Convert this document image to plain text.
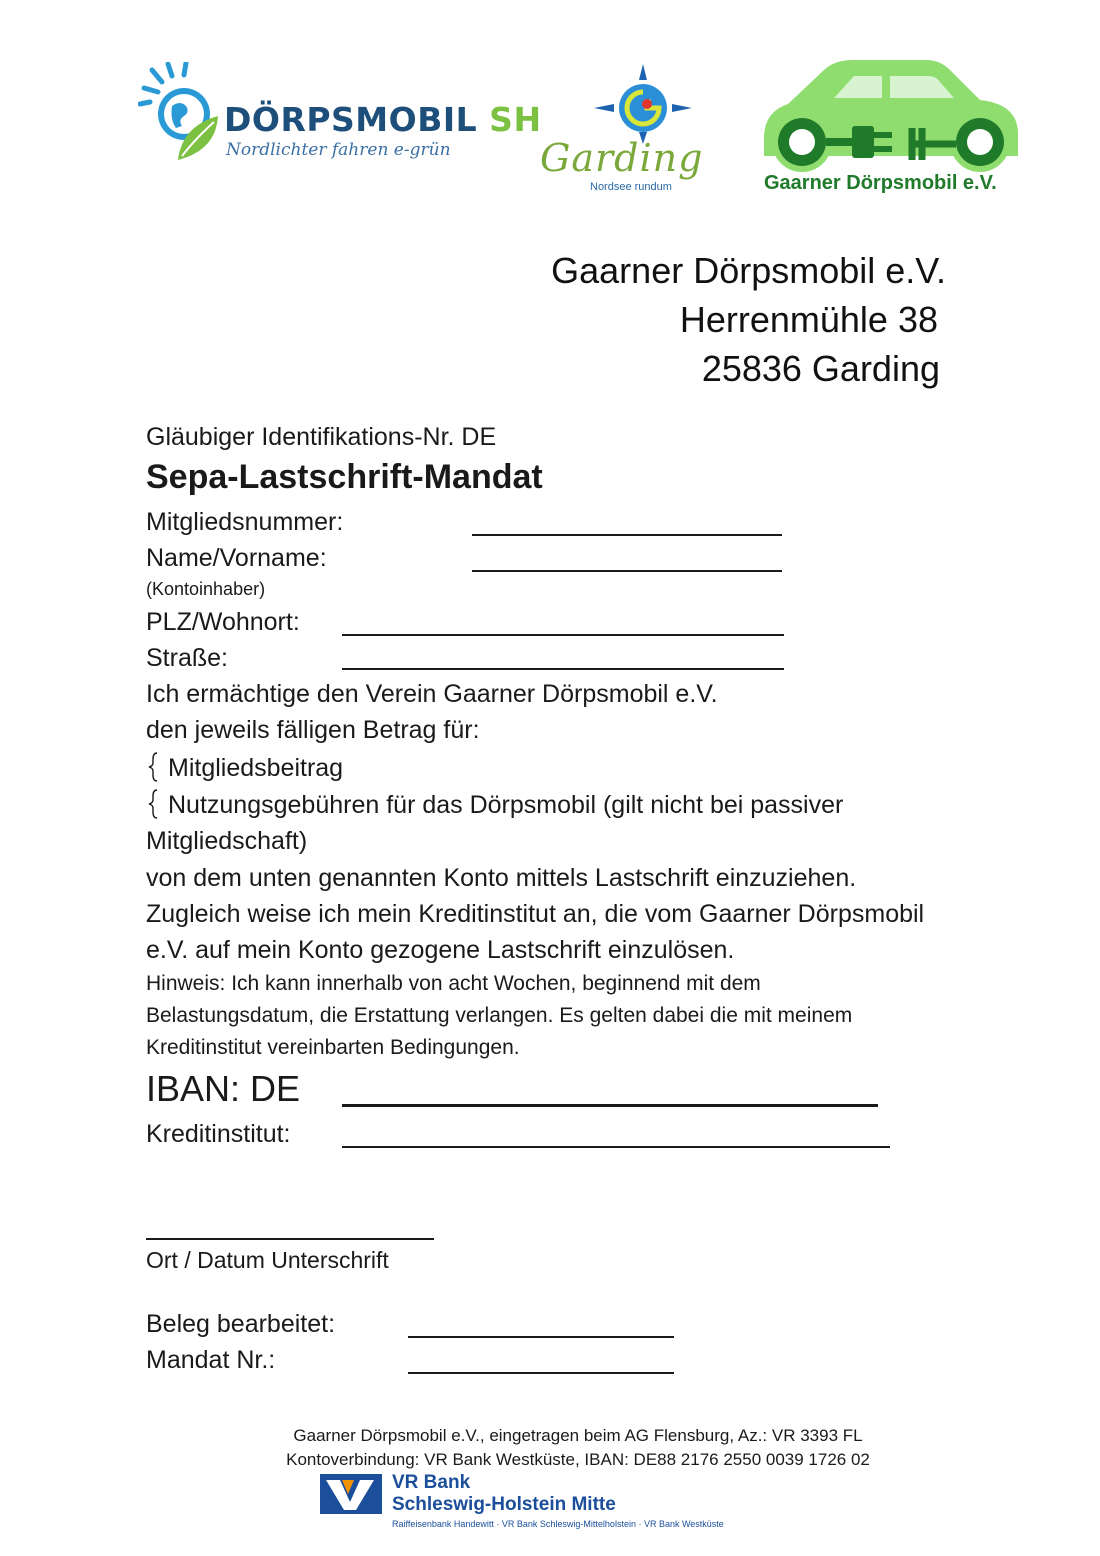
DÖRPSMOBIL SH
Nordlichter fahren e-grün Garding
Nordsee rundum	Gaarner Dörpsmobil e.V.
Gaarner Dörpsmobil e.V.
Herrenmühle 38
25836 Garding
Gläubiger Identifikations-Nr. DE
Sepa-Lastschrift-Mandat
Mitgliedsnummer:
Name/Vorname:
(Kontoinhaber)
PLZ/Wohnort:
Straße:
Ich ermächtige den Verein Gaarner Dörpsmobil e.V.
den jeweils fälligen Betrag für:
Mitgliedsbeitrag
Nutzungsgebühren für das Dörpsmobil (gilt nicht bei passiver
Mitgliedschaft)
von dem unten genannten Konto mittels Lastschrift einzuziehen.
Zugleich weise ich mein Kreditinstitut an, die vom Gaarner Dörpsmobil
e.V. auf mein Konto gezogene Lastschrift einzulösen.
Hinweis: Ich kann innerhalb von acht Wochen, beginnend mit dem
Belastungsdatum, die Erstattung verlangen. Es gelten dabei die mit meinem
Kreditinstitut vereinbarten Bedingungen.
IBAN: DE
Kreditinstitut:
Ort / Datum Unterschrift
Beleg bearbeitet:
Mandat Nr.:
Gaarner Dörpsmobil e.V., eingetragen beim AG Flensburg, Az.: VR 3393 FL
Kontoverbindung: VR Bank Westküste, IBAN: DE88 2176 2550 0039 1726 02
VR Bank
Schleswig-Holstein Mitte
Raiffeisenbank Handewitt · VR Bank Schleswig-Mittelholstein · VR Bank Westküste
